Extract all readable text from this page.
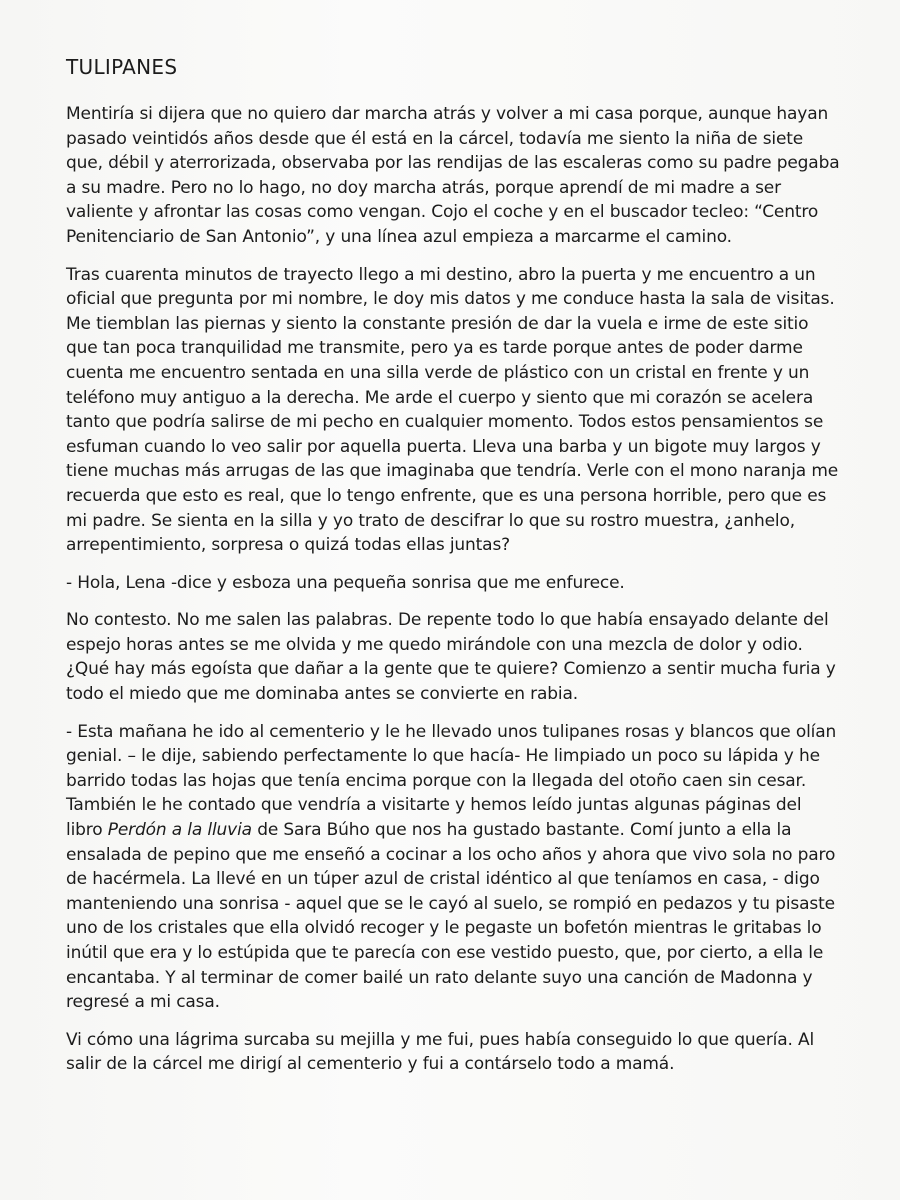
TULIPANES

Mentiría si dijera que no quiero dar marcha atrás y volver a mi casa porque, aunque hayan pasado veintidós años desde que él está en la cárcel, todavía me siento la niña de siete que, débil y aterrorizada, observaba por las rendijas de las escaleras como su padre pegaba a su madre. Pero no lo hago, no doy marcha atrás, porque aprendí de mi madre a ser valiente y afrontar las cosas como vengan. Cojo el coche y en el buscador tecleo: “Centro Penitenciario de San Antonio”, y una línea azul empieza a marcarme el camino.

Tras cuarenta minutos de trayecto llego a mi destino, abro la puerta y me encuentro a un oficial que pregunta por mi nombre, le doy mis datos y me conduce hasta la sala de visitas. Me tiemblan las piernas y siento la constante presión de dar la vuela e irme de este sitio que tan poca tranquilidad me transmite, pero ya es tarde porque antes de poder darme cuenta me encuentro sentada en una silla verde de plástico con un cristal en frente y un teléfono muy antiguo a la derecha. Me arde el cuerpo y siento que mi corazón se acelera tanto que podría salirse de mi pecho en cualquier momento. Todos estos pensamientos se esfuman cuando lo veo salir por aquella puerta. Lleva una barba y un bigote muy largos y tiene muchas más arrugas de las que imaginaba que tendría. Verle con el mono naranja me recuerda que esto es real, que lo tengo enfrente, que es una persona horrible, pero que es mi padre. Se sienta en la silla y yo trato de descifrar lo que su rostro muestra, ¿anhelo, arrepentimiento, sorpresa o quizá todas ellas juntas?

- Hola, Lena -dice y esboza una pequeña sonrisa que me enfurece.

No contesto. No me salen las palabras. De repente todo lo que había ensayado delante del espejo horas antes se me olvida y me quedo mirándole con una mezcla de dolor y odio. ¿Qué hay más egoísta que dañar a la gente que te quiere? Comienzo a sentir mucha furia y todo el miedo que me dominaba antes se convierte en rabia.

- Esta mañana he ido al cementerio y le he llevado unos tulipanes rosas y blancos que olían genial. – le dije, sabiendo perfectamente lo que hacía- He limpiado un poco su lápida y he barrido todas las hojas que tenía encima porque con la llegada del otoño caen sin cesar. También le he contado que vendría a visitarte y hemos leído juntas algunas páginas del libro Perdón a la lluvia de Sara Búho que nos ha gustado bastante. Comí junto a ella la ensalada de pepino que me enseñó a cocinar a los ocho años y ahora que vivo sola no paro de hacérmela. La llevé en un túper azul de cristal idéntico al que teníamos en casa, - digo manteniendo una sonrisa - aquel que se le cayó al suelo, se rompió en pedazos y tu pisaste uno de los cristales que ella olvidó recoger y le pegaste un bofetón mientras le gritabas lo inútil que era y lo estúpida que te parecía con ese vestido puesto, que, por cierto, a ella le encantaba. Y al terminar de comer bailé un rato delante suyo una canción de Madonna y regresé a mi casa.

Vi cómo una lágrima surcaba su mejilla y me fui, pues había conseguido lo que quería. Al salir de la cárcel me dirigí al cementerio y fui a contárselo todo a mamá.
